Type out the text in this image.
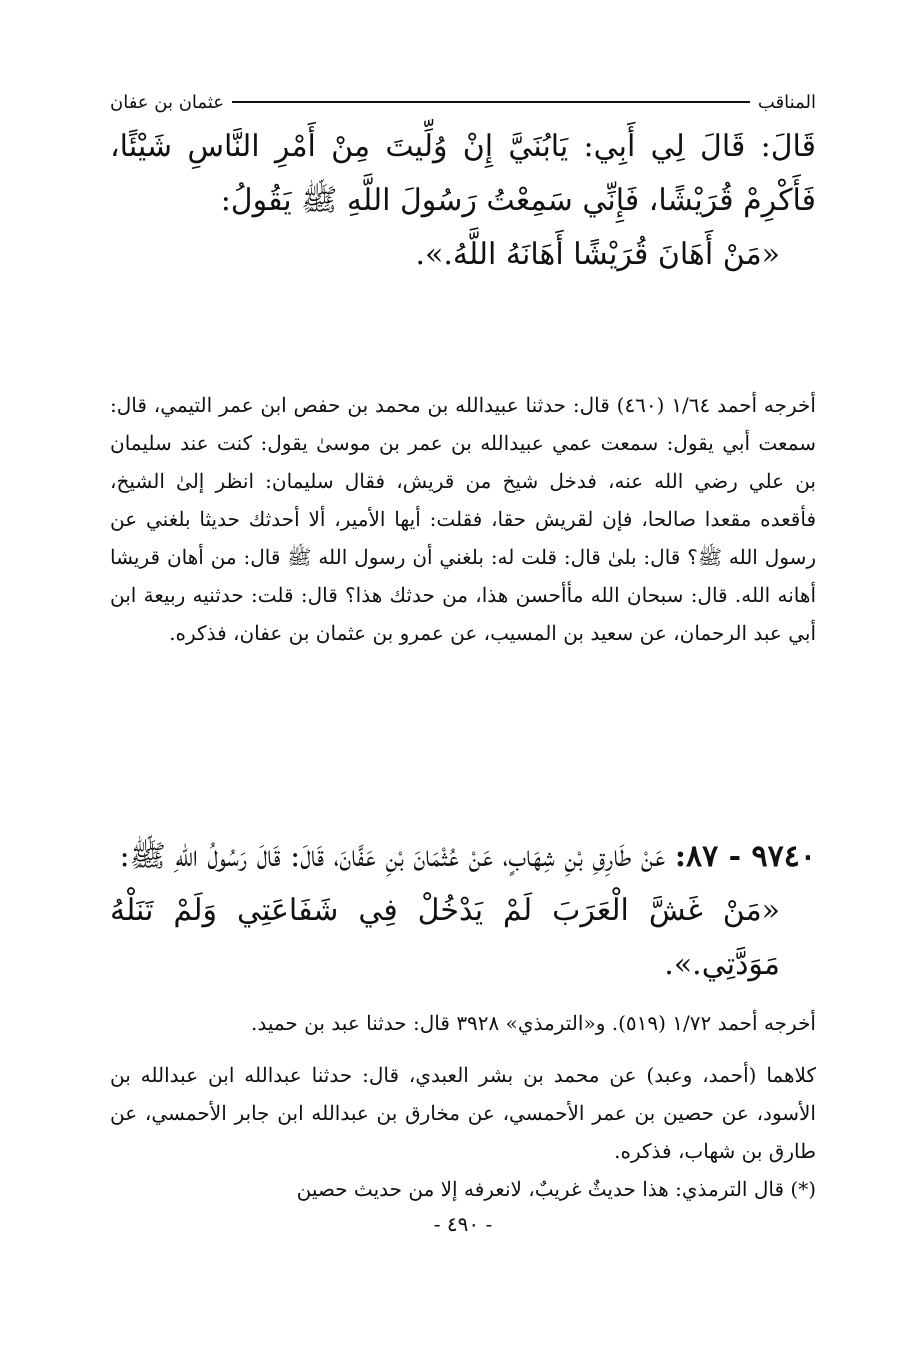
المناقب
عثمان بن عفان

قَالَ: قَالَ لِي أَبِي: يَابُنَيَّ إِنْ وُلِّيتَ مِنْ أَمْرِ النَّاسِ شَيْئًا، فَأَكْرِمْ قُرَيْشًا، فَإِنِّي سَمِعْتُ رَسُولَ اللَّهِ ﷺ يَقُولُ:

«مَنْ أَهَانَ قُرَيْشًا أَهَانَهُ اللَّهُ.».

أخرجه أحمد ١/٦٤ (٤٦٠) قال: حدثنا عبيدالله بن محمد بن حفص ابن عمر التيمي، قال: سمعت أبي يقول: سمعت عمي عبيدالله بن عمر بن موسىٰ يقول: كنت عند سليمان بن علي رضي الله عنه، فدخل شيخ من قريش، فقال سليمان: انظر إلىٰ الشيخ، فأقعده مقعدا صالحا، فإن لقريش حقا، فقلت: أيها الأمير، ألا أحدثك حديثا بلغني عن رسول الله ﷺ؟ قال: بلىٰ قال: قلت له: بلغني أن رسول الله ﷺ قال: من أهان قريشا أهانه الله. قال: سبحان الله مأأحسن هذا، من حدثك هذا؟ قال: قلت: حدثنيه ربيعة ابن أبي عبد الرحمان، عن سعيد بن المسيب، عن عمرو بن عثمان بن عفان، فذكره.

٩٧٤٠ - ٨٧: عَنْ طَارِقِ بْنِ شِهَابٍ، عَنْ عُثْمَانَ بْنِ عَفَّانَ، قَالَ: قَالَ رَسُولُ اللهِ ﷺ:

«مَنْ غَشَّ الْعَرَبَ لَمْ يَدْخُلْ فِي شَفَاعَتِي وَلَمْ تَنَلْهُ مَوَدَّتِي.».

أخرجه أحمد ١/٧٢ (٥١٩). و«الترمذي» ٣٩٢٨ قال: حدثنا عبد بن حميد.

كلاهما (أحمد، وعبد) عن محمد بن بشر العبدي، قال: حدثنا عبدالله ابن عبدالله بن الأسود، عن حصين بن عمر الأحمسي، عن مخارق بن عبدالله ابن جابر الأحمسي، عن طارق بن شهاب، فذكره.

(*) قال الترمذي: هذا حديثٌ غريبٌ، لانعرفه إلا من حديث حصين

- ٤٩٠ -
